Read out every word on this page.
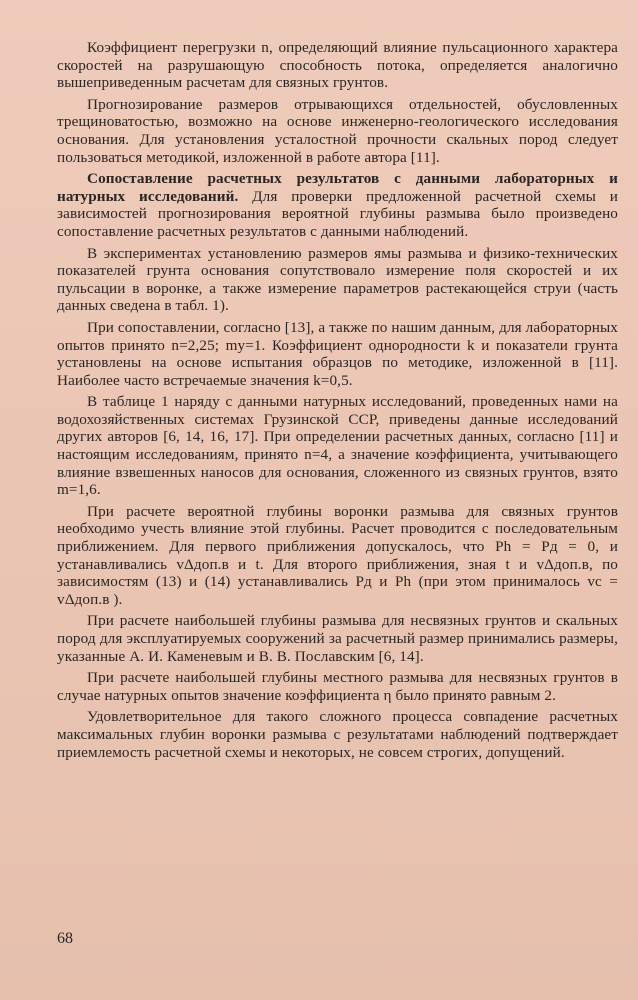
Коэффициент перегрузки n, определяющий влияние пульсационного характера скоростей на разрушающую способность потока, определяется аналогично вышеприведенным расчетам для связных грунтов.

Прогнозирование размеров отрывающихся отдельностей, обусловленных трещиноватостью, возможно на основе инженерно-геологического исследования основания. Для установления усталостной прочности скальных пород следует пользоваться методикой, изложенной в работе автора [11].

Сопоставление расчетных результатов с данными лабораторных и натурных исследований. Для проверки предложенной расчетной схемы и зависимостей прогнозирования вероятной глубины размыва было произведено сопоставление расчетных результатов с данными наблюдений.

В экспериментах установлению размеров ямы размыва и физико-технических показателей грунта основания сопутствовало измерение поля скоростей и их пульсации в воронке, а также измерение параметров растекающейся струи (часть данных сведена в табл. 1).

При сопоставлении, согласно [13], а также по нашим данным, для лабораторных опытов принято n=2,25; mу=1. Коэффициент однородности k и показатели грунта установлены на основе испытания образцов по методике, изложенной в [11]. Наиболее часто встречаемые значения k=0,5.

В таблице 1 наряду с данными натурных исследований, проведенных нами на водохозяйственных системах Грузинской ССР, приведены данные исследований других авторов [6, 14, 16, 17]. При определении расчетных данных, согласно [11] и настоящим исследованиям, принято n=4, а значение коэффициента, учитывающего влияние взвешенных наносов для основания, сложенного из связных грунтов, взято m=1,6.

При расчете вероятной глубины воронки размыва для связных грунтов необходимо учесть влияние этой глубины. Расчет проводится с последовательным приближением. Для первого приближения допускалось, что Ph = Pд = 0, и устанавливались vΔдоп.в и t. Для второго приближения, зная t и vΔдоп.в, по зависимостям (13) и (14) устанавливались Pд и Ph (при этом принималось vс = vΔдоп.в ).

При расчете наибольшей глубины размыва для несвязных грунтов и скальных пород для эксплуатируемых сооружений за расчетный размер принимались размеры, указанные А. И. Каменевым и В. В. Пославским [6, 14].

При расчете наибольшей глубины местного размыва для несвязных грунтов в случае натурных опытов значение коэффициента η было принято равным 2.

Удовлетворительное для такого сложного процесса совпадение расчетных максимальных глубин воронки размыва с результатами наблюдений подтверждает приемлемость расчетной схемы и некоторых, не совсем строгих, допущений.

68
